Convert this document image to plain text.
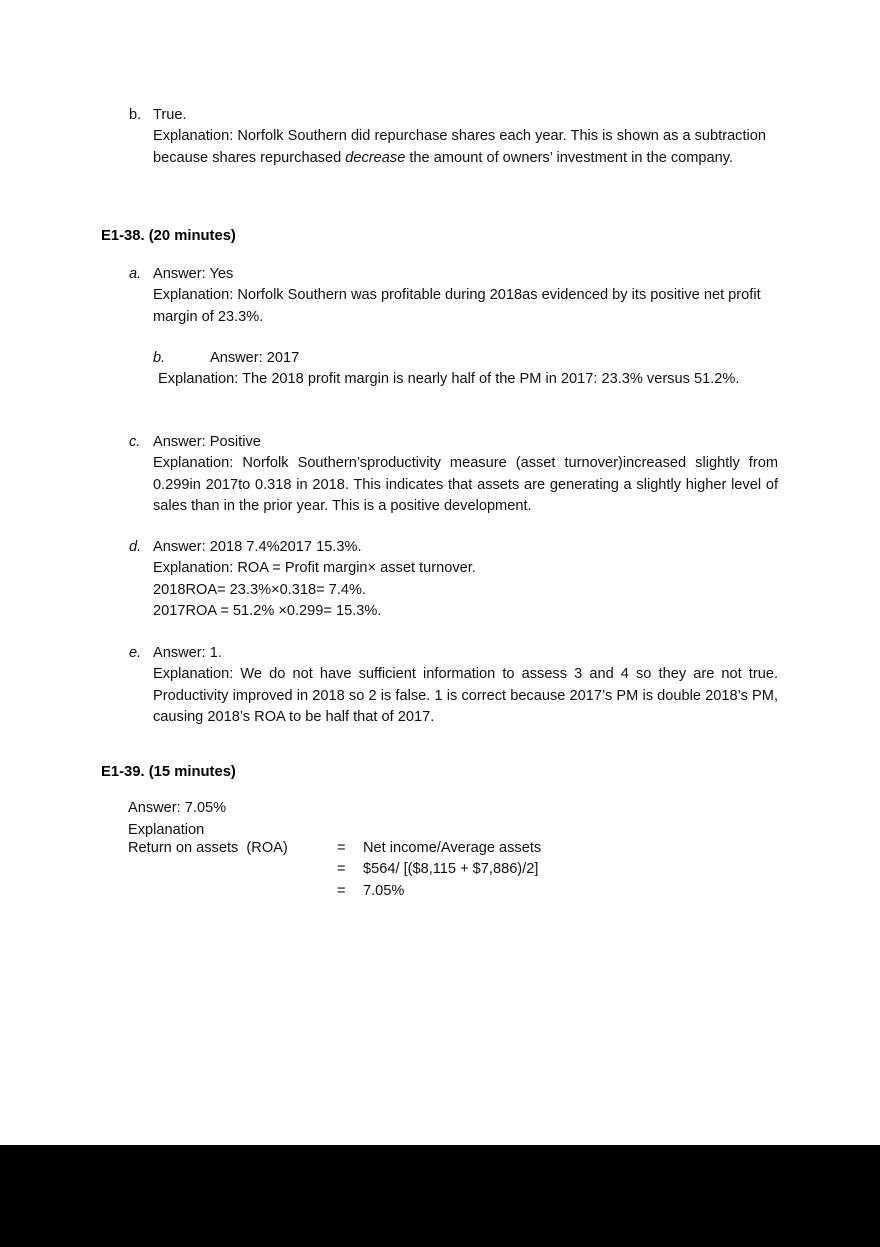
b. True.
Explanation: Norfolk Southern did repurchase shares each year. This is shown as a subtraction because shares repurchased decrease the amount of owners’ investment in the company.
E1-38. (20 minutes)
a. Answer: Yes
Explanation: Norfolk Southern was profitable during 2018as evidenced by its positive net profit margin of 23.3%.
b.	Answer: 2017
Explanation: The 2018 profit margin is nearly half of the PM in 2017: 23.3% versus 51.2%.
c. Answer: Positive
Explanation: Norfolk Southern’sproductivity measure (asset turnover)increased slightly from 0.299in 2017to 0.318 in 2018. This indicates that assets are generating a slightly higher level of sales than in the prior year. This is a positive development.
d. Answer: 2018 7.4%2017 15.3%.
Explanation: ROA = Profit margin× asset turnover.
2018ROA= 23.3%×0.318= 7.4%.
2017ROA = 51.2% ×0.299= 15.3%.
e. Answer: 1.
Explanation: We do not have sufficient information to assess 3 and 4 so they are not true. Productivity improved in 2018 so 2 is false. 1 is correct because 2017’s PM is double 2018’s PM, causing 2018’s ROA to be half that of 2017.
E1-39. (15 minutes)
Answer: 7.05%
Explanation
Return on assets  (ROA)	=	Net income/Average assets
	=	$564/ [($8,115 + $7,886)/2]
	=	7.05%
